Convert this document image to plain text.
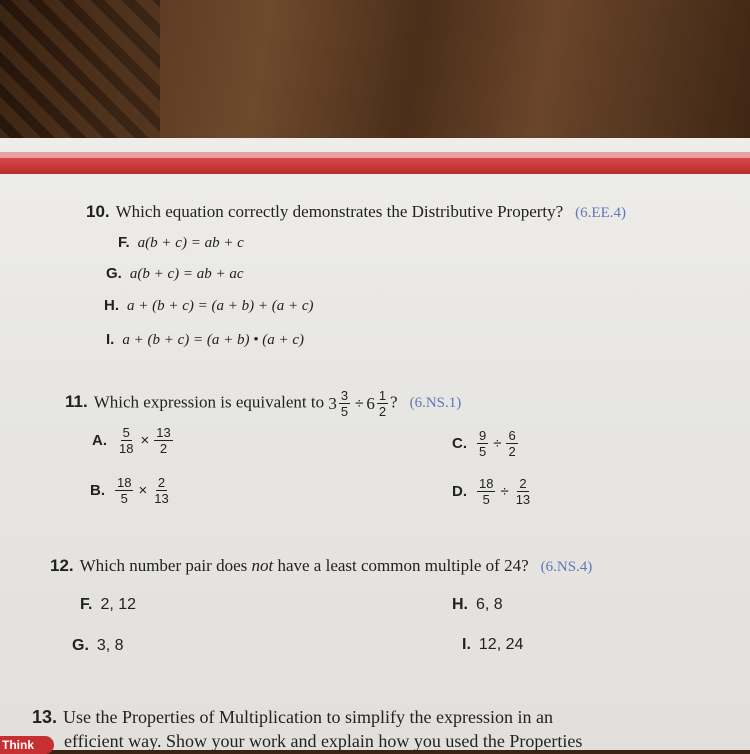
10. Which equation correctly demonstrates the Distributive Property? (6.EE.4)
F. a(b + c) = ab + c
G. a(b + c) = ab + ac
H. a + (b + c) = (a + b) + (a + c)
I. a + (b + c) = (a + b) • (a + c)
11. Which expression is equivalent to $3 \frac{3}{5} \div 6 \frac{1}{2}$ ? (6.NS.1)
A. $\frac{5}{18} \times \frac{13}{2}$
B. $\frac{18}{5} \times \frac{2}{13}$
C. $\frac{9}{5} \div \frac{6}{2}$
D. $\frac{18}{5} \div \frac{2}{13}$
12. Which number pair does not have a least common multiple of 24? (6.NS.4)
F. 2, 12	H. 6, 8
G. 3, 8	I. 12, 24
13. Use the Properties of Multiplication to simplify the expression in an
efficient way. Show your work and explain how you used the Properties
Think
